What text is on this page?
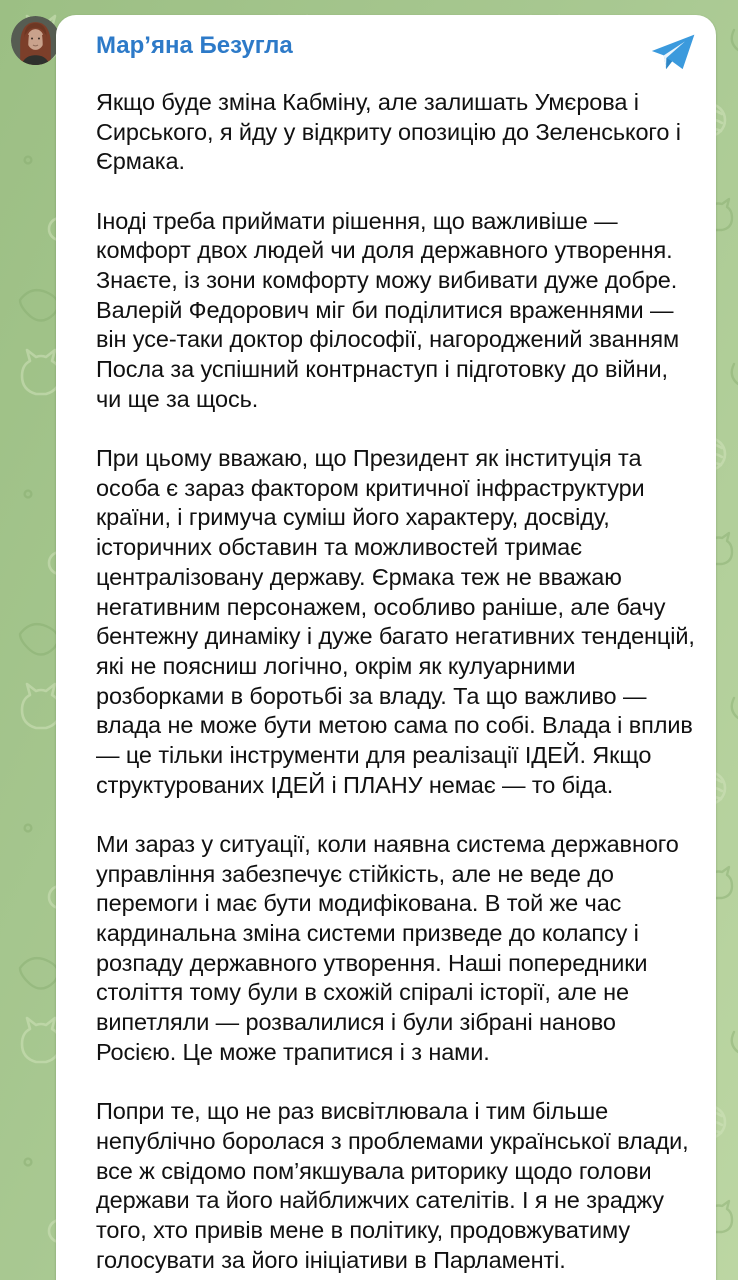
Мар’яна Безугла

Якщо буде зміна Кабміну, але залишать Умєрова і Сирського, я йду у відкриту опозицію до Зеленського і Єрмака.

Іноді треба приймати рішення, що важливіше — комфорт двох людей чи доля державного утворення. Знаєте, із зони комфорту можу вибивати дуже добре. Валерій Федорович міг би поділитися враженнями — він усе-таки доктор філософії, нагороджений званням Посла за успішний контрнаступ і підготовку до війни, чи ще за щось.

При цьому вважаю, що Президент як інституція та особа є зараз фактором критичної інфраструктури країни, і гримуча суміш його характеру, досвіду, історичних обставин та можливостей тримає централізовану державу. Єрмака теж не вважаю негативним персонажем, особливо раніше, але бачу бентежну динаміку і дуже багато негативних тенденцій, які не поясниш логічно, окрім як кулуарними розборками в боротьбі за владу. Та що важливо — влада не може бути метою сама по собі. Влада і вплив — це тільки інструменти для реалізації ІДЕЙ. Якщо структурованих ІДЕЙ і ПЛАНУ немає — то біда.

Ми зараз у ситуації, коли наявна система державного управління забезпечує стійкість, але не веде до перемоги і має бути модифікована. В той же час кардинальна зміна системи призведе до колапсу і розпаду державного утворення. Наші попередники століття тому були в схожій спіралі історії, але не випетляли — розвалилися і були зібрані наново Росією. Це може трапитися і з нами.

Попри те, що не раз висвітлювала і тим більше непублічно боролася з проблемами української влади, все ж свідомо пом’якшувала риторику щодо голови держави та його найближчих сателітів. І я не зраджу того, хто привів мене в політику, продовжуватиму голосувати за його ініціативи в Парламенті.
